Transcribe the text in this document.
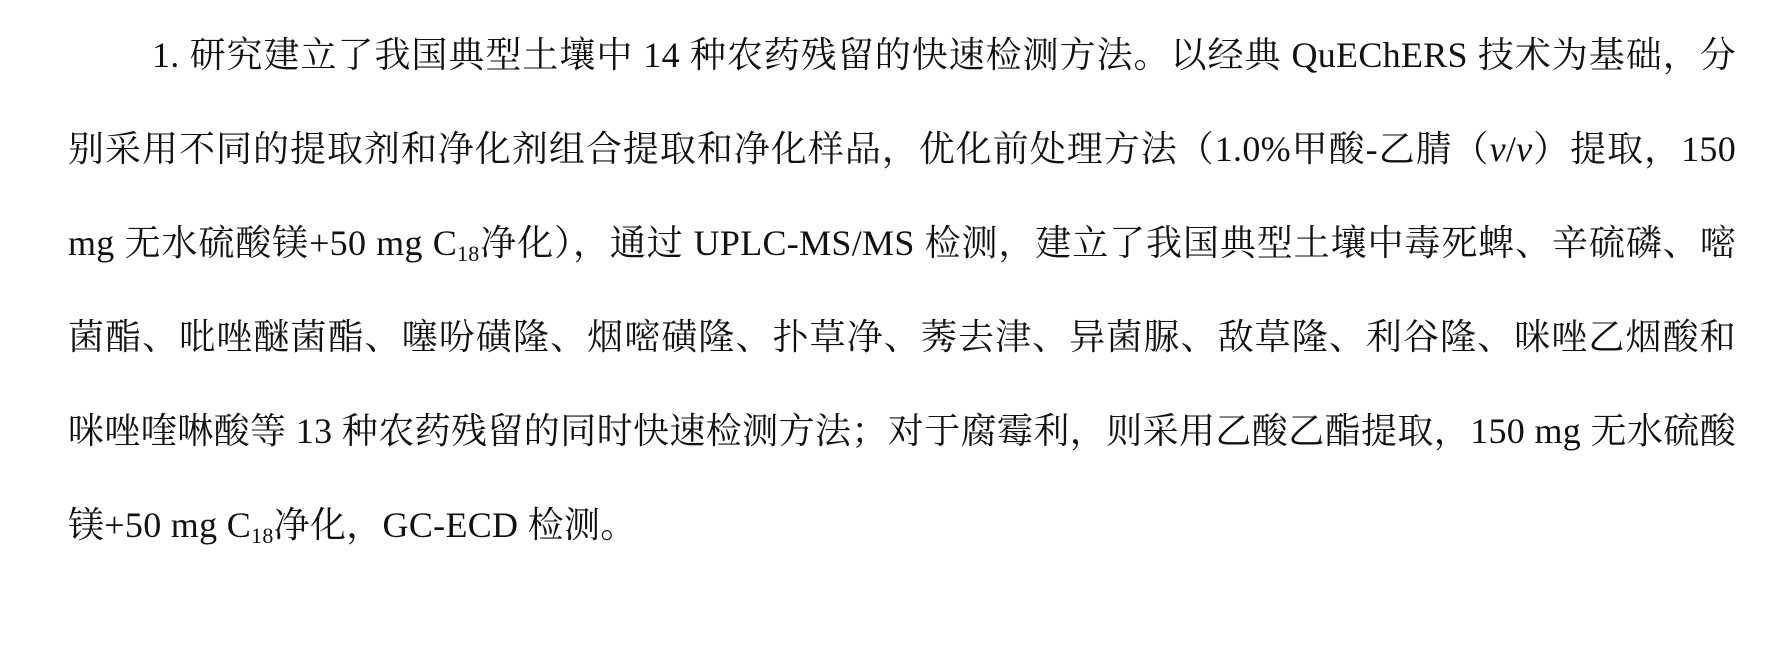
1. 研究建立了我国典型土壤中 14 种农药残留的快速检测方法。以经典 QuEChERS 技术为基础，分别采用不同的提取剂和净化剂组合提取和净化样品，优化前处理方法（1.0%甲酸-乙腈（v/v）提取，150 mg 无水硫酸镁+50 mg $C_{18}$净化），通过 UPLC-MS/MS 检测，建立了我国典型土壤中毒死蜱、辛硫磷、嘧菌酯、吡唑醚菌酯、噻吩磺隆、烟嘧磺隆、扑草净、莠去津、异菌脲、敌草隆、利谷隆、咪唑乙烟酸和咪唑喹啉酸等 13 种农药残留的同时快速检测方法；对于腐霉利，则采用乙酸乙酯提取，150 mg 无水硫酸镁+50 mg $C_{18}$净化，GC-ECD 检测。
